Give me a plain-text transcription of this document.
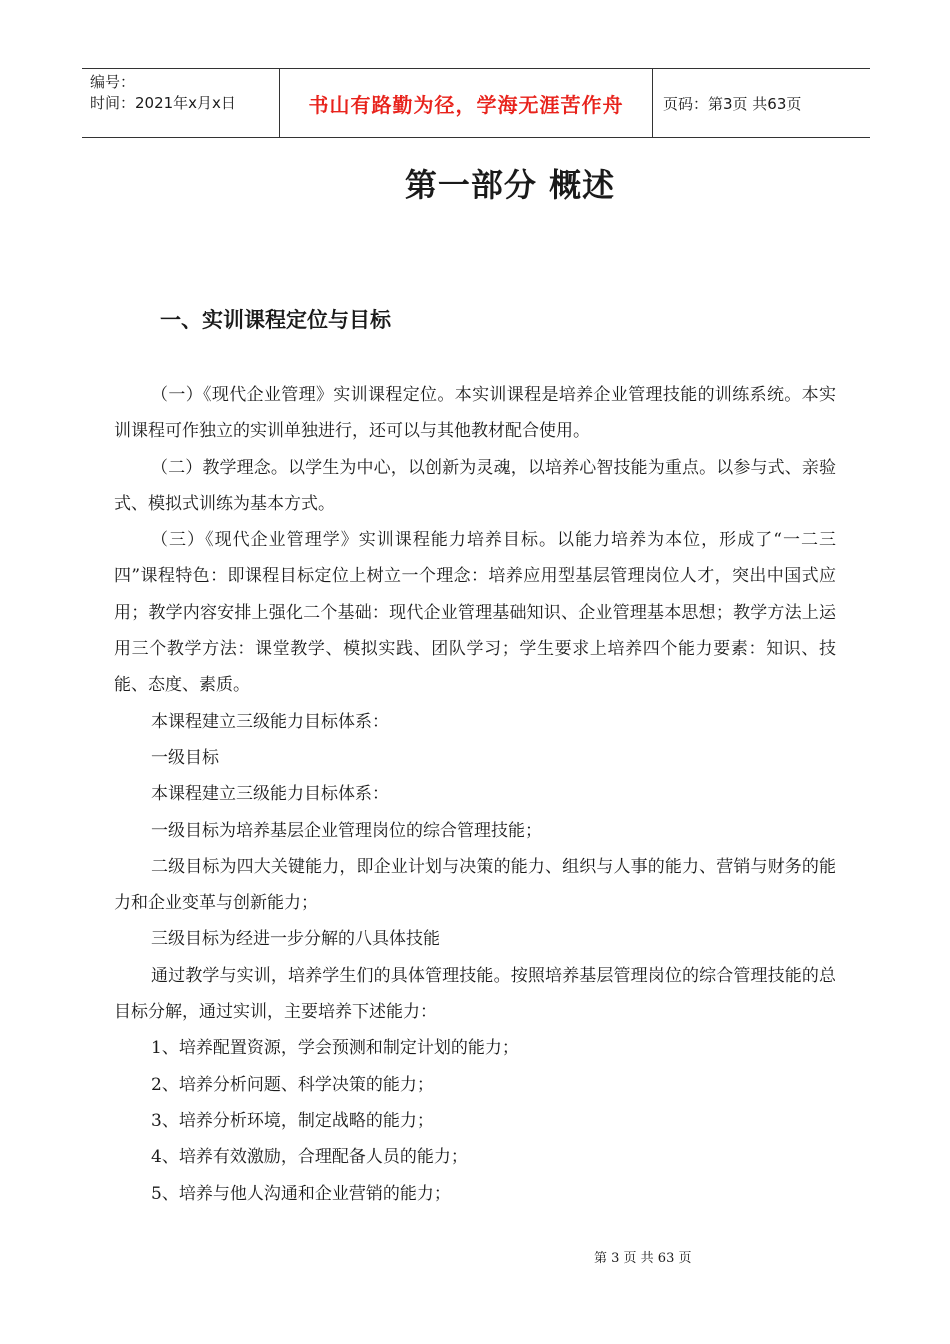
编号：
时间：2021年x月x日	书山有路勤为径，学海无涯苦作舟	页码：第3页 共63页
第一部分 概述
一、实训课程定位与目标

（一）《现代企业管理》实训课程定位。本实训课程是培养企业管理技能的训练系统。本实训课程可作独立的实训单独进行，还可以与其他教材配合使用。

（二）教学理念。以学生为中心，以创新为灵魂，以培养心智技能为重点。以参与式、亲验式、模拟式训练为基本方式。

（三）《现代企业管理学》实训课程能力培养目标。以能力培养为本位，形成了“一二三四”课程特色：即课程目标定位上树立一个理念：培养应用型基层管理岗位人才，突出中国式应用；教学内容安排上强化二个基础：现代企业管理基础知识、企业管理基本思想；教学方法上运用三个教学方法：课堂教学、模拟实践、团队学习；学生要求上培养四个能力要素：知识、技能、态度、素质。

本课程建立三级能力目标体系：

一级目标

本课程建立三级能力目标体系：

一级目标为培养基层企业管理岗位的综合管理技能；

二级目标为四大关键能力，即企业计划与决策的能力、组织与人事的能力、营销与财务的能力和企业变革与创新能力；

三级目标为经进一步分解的八具体技能

通过教学与实训，培养学生们的具体管理技能。按照培养基层管理岗位的综合管理技能的总目标分解，通过实训，主要培养下述能力：

1、培养配置资源，学会预测和制定计划的能力；

2、培养分析问题、科学决策的能力；

3、培养分析环境，制定战略的能力；

4、培养有效激励，合理配备人员的能力；

5、培养与他人沟通和企业营销的能力；

第 3 页 共 63 页
